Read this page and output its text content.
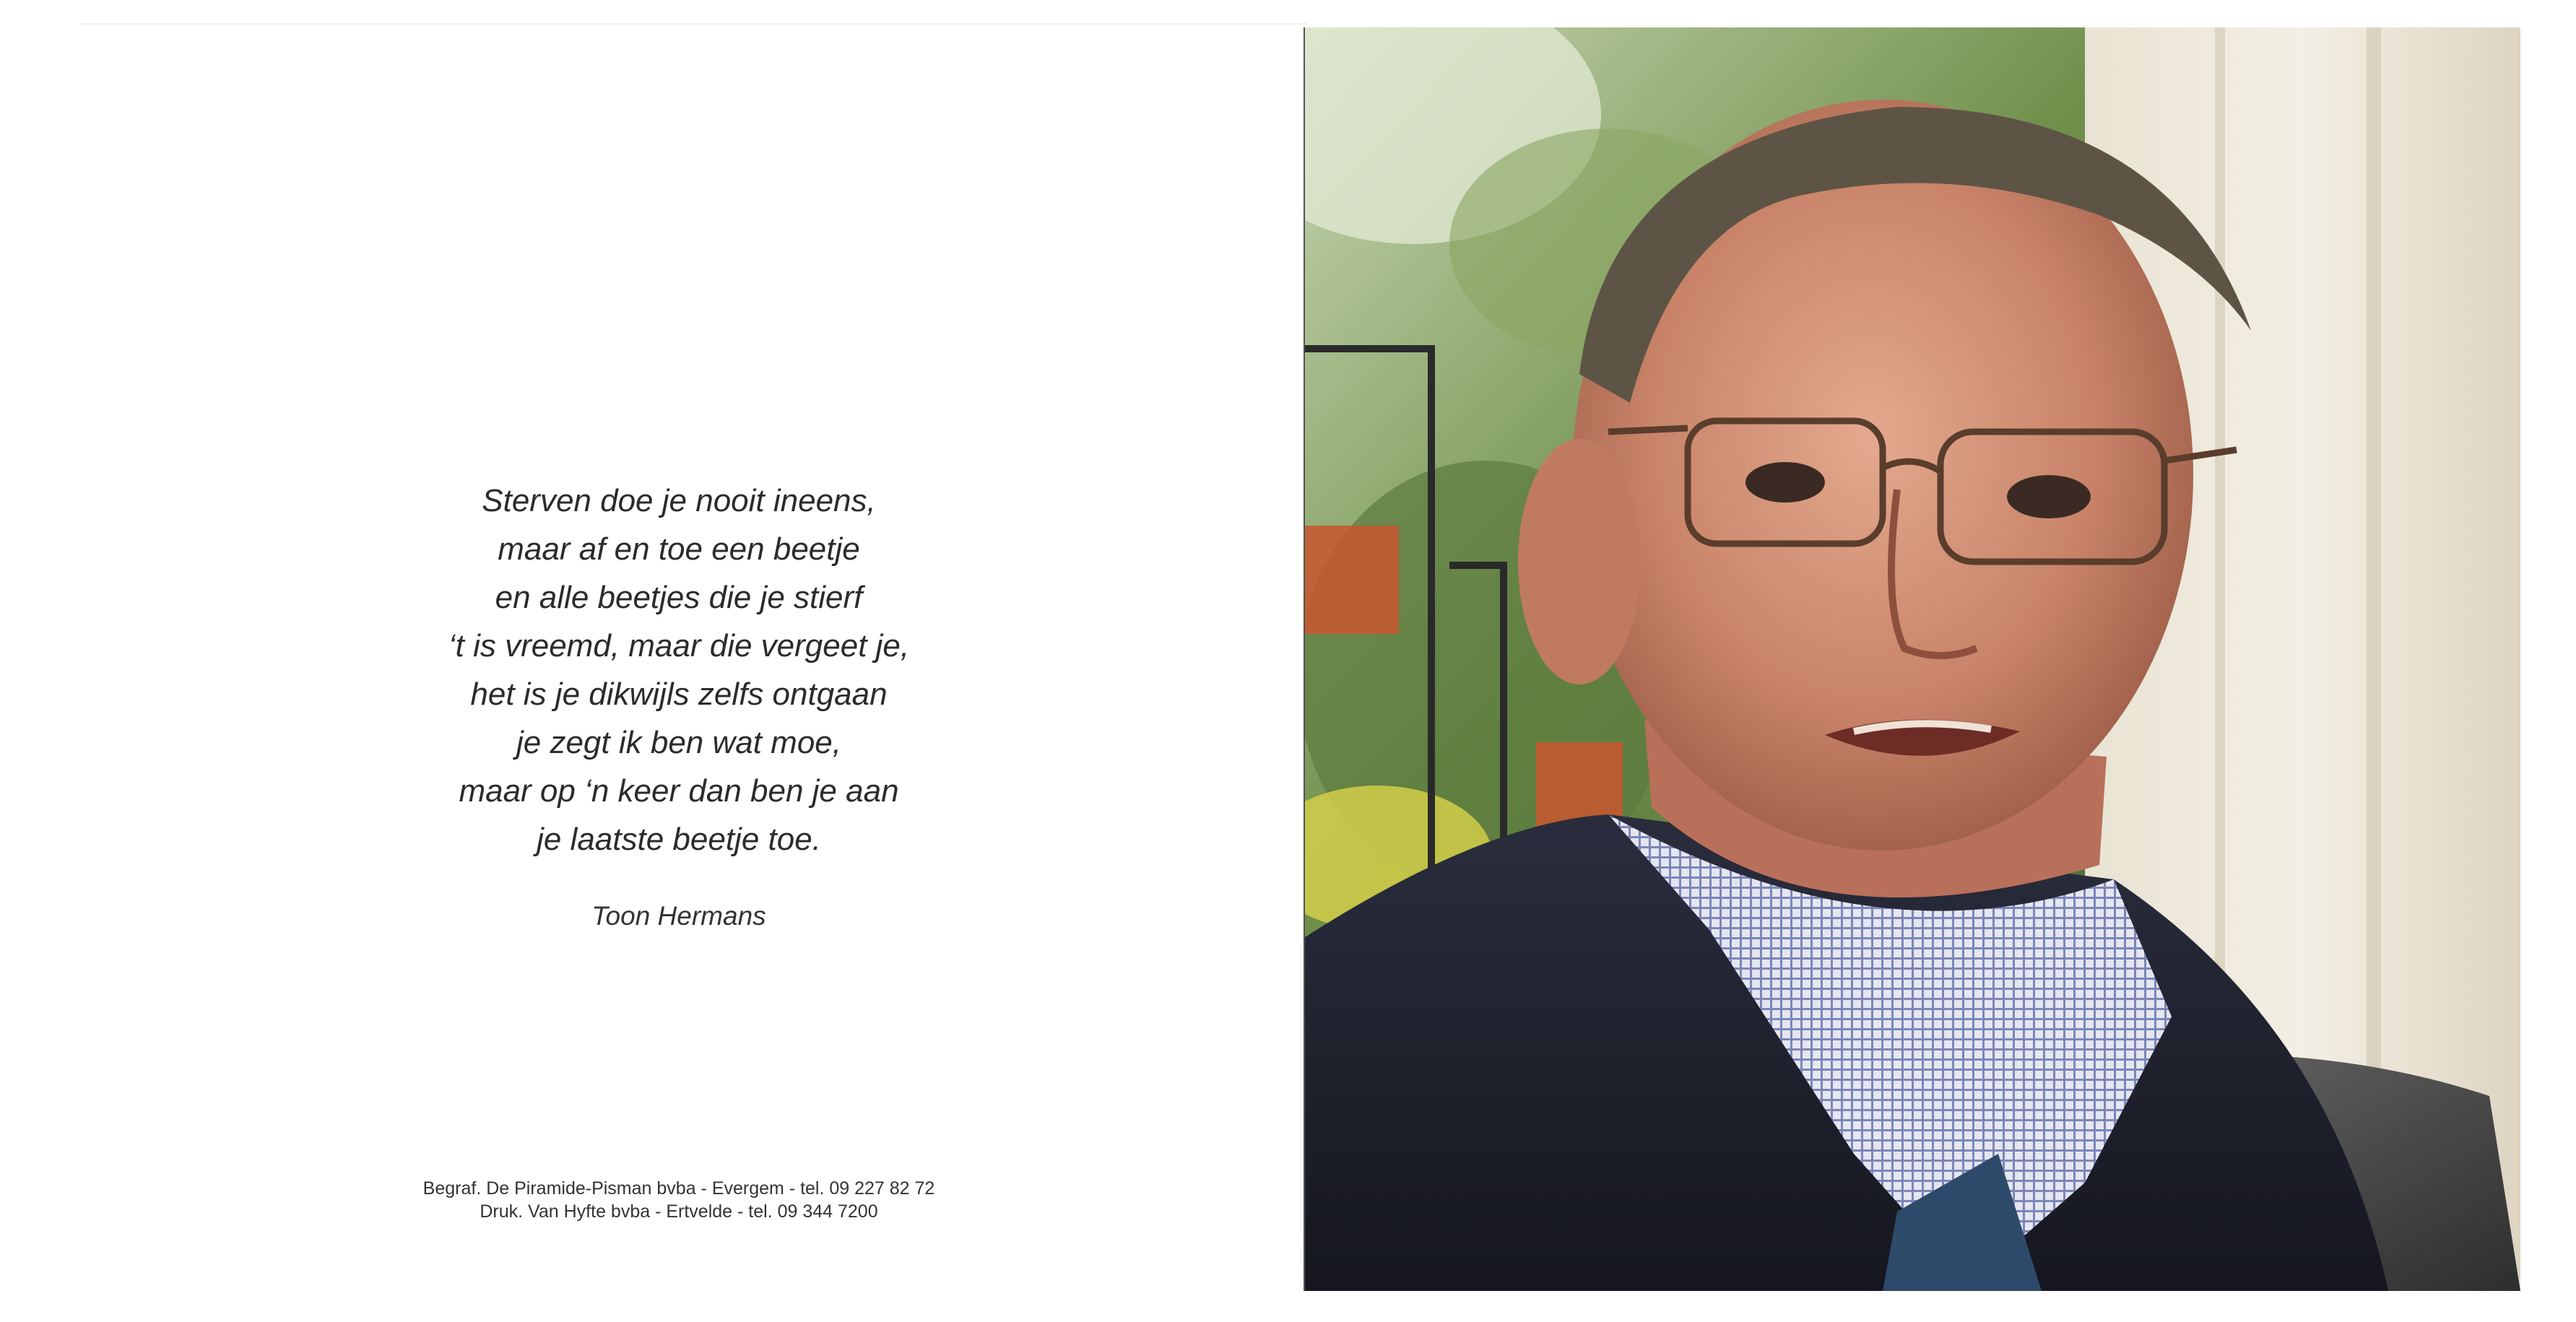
Sterven doe je nooit ineens,
maar af en toe een beetje
en alle beetjes die je stierf
‘t is vreemd, maar die vergeet je,
het is je dikwijls zelfs ontgaan
je zegt ik ben wat moe,
maar op ‘n keer dan ben je aan
je laatste beetje toe.
Toon Hermans
Begraf. De Piramide-Pisman bvba - Evergem - tel. 09 227 82 72
Druk. Van Hyfte bvba - Ertvelde - tel. 09 344 7200
